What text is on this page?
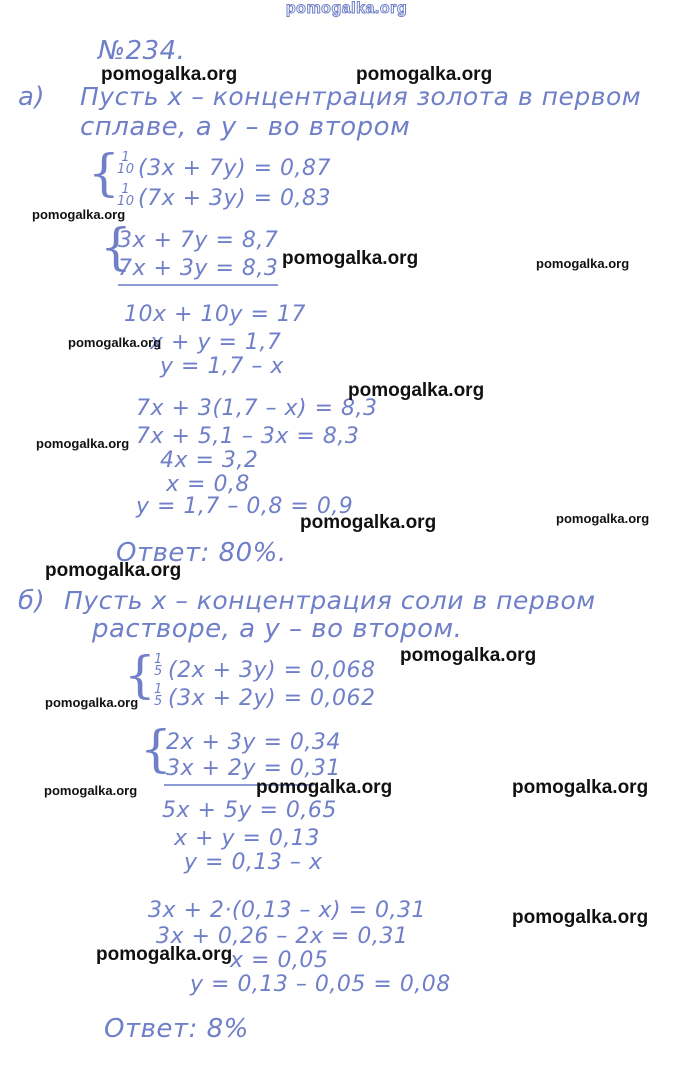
pomogalka.org
№234.
а) Пусть x – концентрация золота в первом
сплаве, а y – во втором
{ 1
10 (3x + 7y) = 0,87
1
10 (7x + 3y) = 0,83
{
3x + 7y = 8,7
7x + 3y = 8,3
10x + 10y = 17
x + y = 1,7
y = 1,7 – x
7x + 3(1,7 – x) = 8,3
7x + 5,1 – 3x = 8,3
4x = 3,2
x = 0,8
y = 1,7 – 0,8 = 0,9
Ответ: 80%.
б) Пусть x – концентрация соли в первом
растворе, а y – во втором.
{
1
5 (2x + 3y) = 0,068
1
5 (3x + 2y) = 0,062
{
2x + 3y = 0,34
3x + 2y = 0,31
5x + 5y = 0,65
x + y = 0,13
y = 0,13 – x
3x + 2·(0,13 – x) = 0,31
3x + 0,26 – 2x = 0,31
x = 0,05
y = 0,13 – 0,05 = 0,08
Ответ: 8%
pomogalka.org	pomogalka.org
pomogalka.org
pomogalka.org	pomogalka.org
pomogalka.org
pomogalka.org
pomogalka.org
pomogalka.org	pomogalka.org
pomogalka.org
pomogalka.org
pomogalka.org
pomogalka.org	pomogalka.org
pomogalka.org
pomogalka.org
pomogalka.org
